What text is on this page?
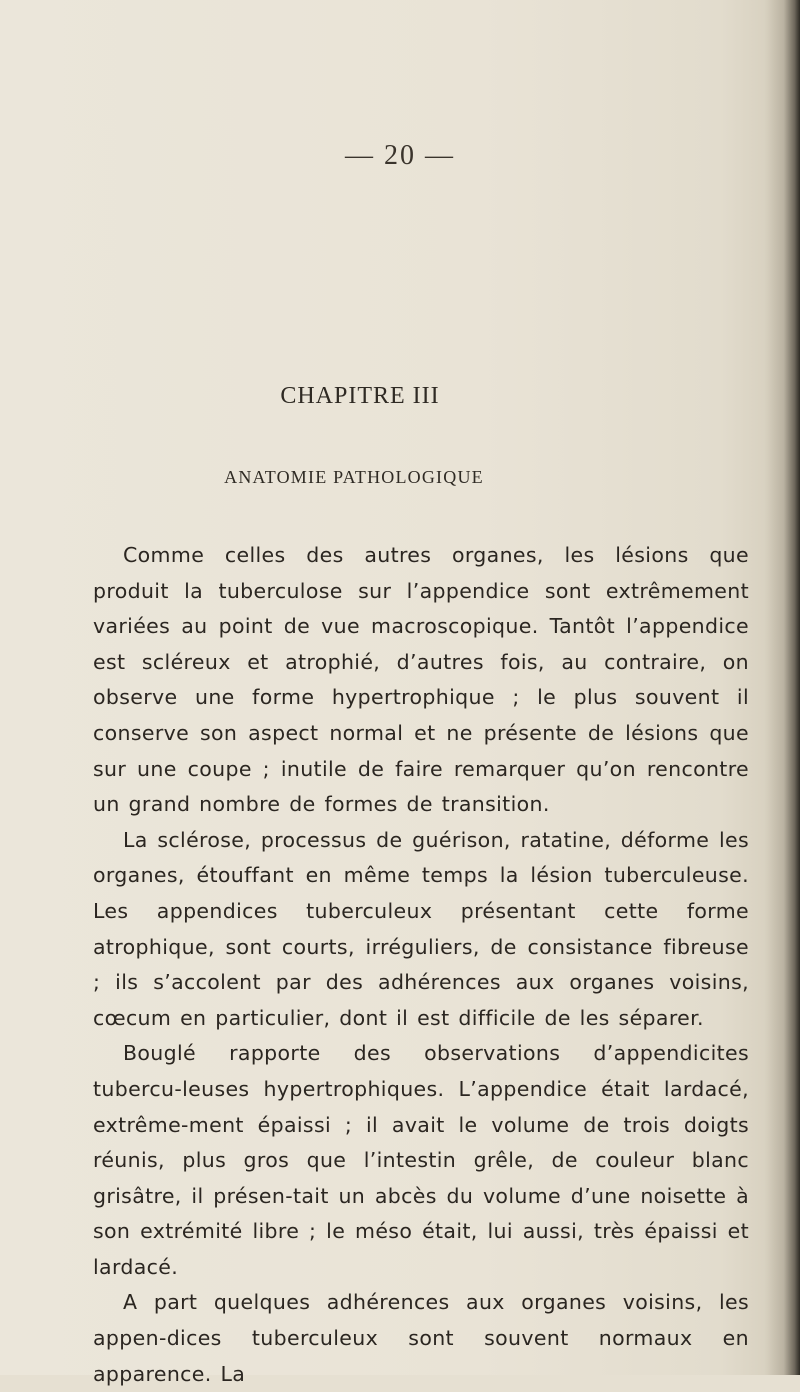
— 20 —
CHAPITRE III
ANATOMIE PATHOLOGIQUE

Comme celles des autres organes, les lésions que produit la tuberculose sur l’appendice sont extrêmement variées au point de vue macroscopique. Tantôt l’appendice est scléreux et atrophié, d’autres fois, au contraire, on observe une forme hypertrophique ; le plus souvent il conserve son aspect normal et ne présente de lésions que sur une coupe ; inutile de faire remarquer qu’on rencontre un grand nombre de formes de transition.

La sclérose, processus de guérison, ratatine, déforme les organes, étouffant en même temps la lésion tuberculeuse. Les appendices tuberculeux présentant cette forme atrophique, sont courts, irréguliers, de consistance fibreuse ; ils s’accolent par des adhérences aux organes voisins, cœcum en particulier, dont il est difficile de les séparer.

Bouglé rapporte des observations d’appendicites tubercu-leuses hypertrophiques. L’appendice était lardacé, extrême-ment épaissi ; il avait le volume de trois doigts réunis, plus gros que l’intestin grêle, de couleur blanc grisâtre, il présen-tait un abcès du volume d’une noisette à son extrémité libre ; le méso était, lui aussi, très épaissi et lardacé.

A part quelques adhérences aux organes voisins, les appen-dices tuberculeux sont souvent normaux en apparence. La
